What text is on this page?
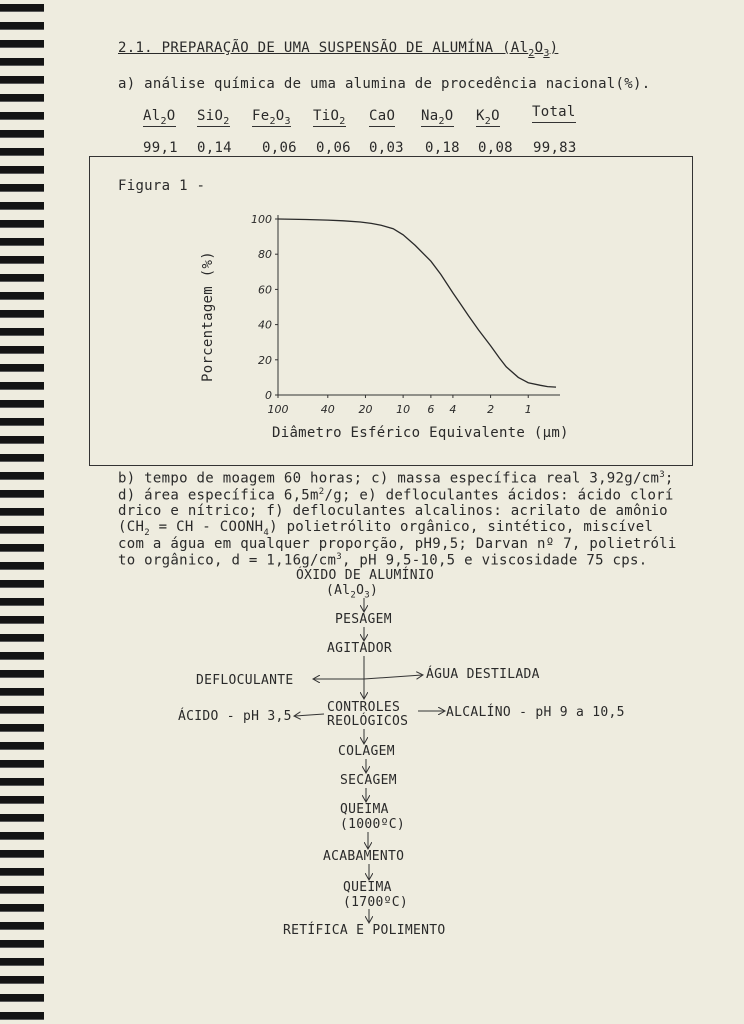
2.1. PREPARAÇÃO DE UMA SUSPENSÃO DE ALUMÍNA $(Al_2O_3)$
a) análise química de uma alumina de procedência nacional(%).
$Al_2O$ SiO$_2$ $Fe_2O_3$ TiO$_2$ CaO $Na_2O$ $K_2O$ Total
99,1 0,14 0,06 0,06 0,03 0,18 0,08 99,83
Figura 1 -
0
20
40
60
80
100
100	40 20 10 6 4	2	1
Porcentagem (%)
Diâmetro Esférico Equivalente (μm)
b) tempo de moagem 60 horas; c) massa específica real $3,92g/cm^3$;
d) área específica $6,5m^2/g$; e) defloculantes ácidos: ácido clorí
drico e nítrico; f) defloculantes alcalinos: acrilato de amônio
($CH_2$ = CH - $COONH_4$) polietrólito orgânico, sintético, miscível
com a água em qualquer proporção, pH9,5; Darvan nº 7, polietróli
to orgânico, $d = 1,16g/cm^3$, pH 9,5-10,5 e viscosidade 75 cps.
ÓXIDO DE ALUMÍNIO
$(Al_2O_3)$
PESAGEM
AGITADOR
DEFLOCULANTE	ÁGUA DESTILADA
CONTROLES
REOLÓGICOS
ÁCIDO - pH 3,5	ALCALÍNO - pH 9 a 10,5
COLAGEM
SECAGEM
QUEIMA
(1000ºC)
ACABAMENTO
QUEIMA
(1700ºC)
RETÍFICA E POLIMENTO
